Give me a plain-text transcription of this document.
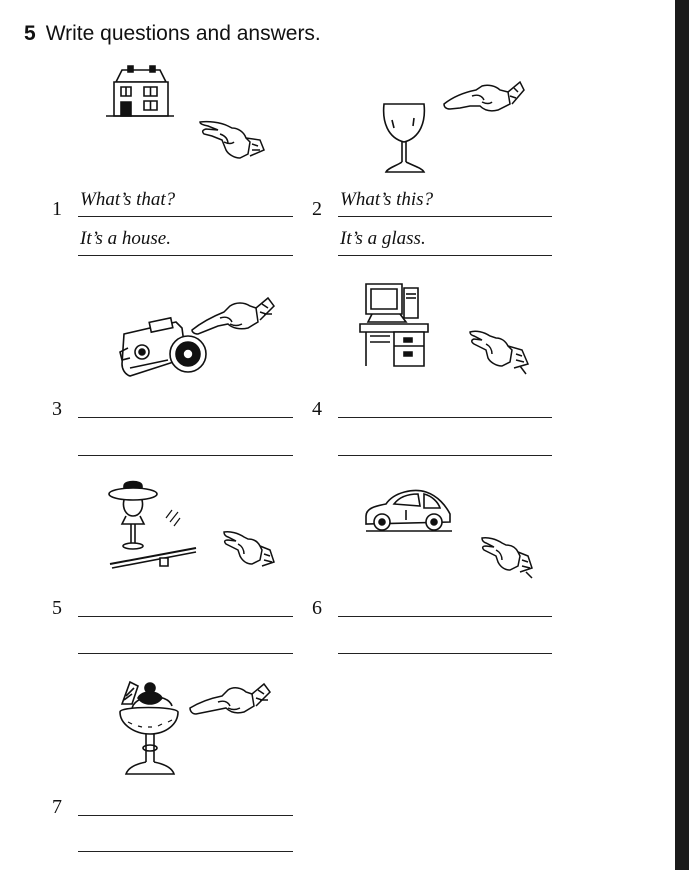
5 Write questions and answers.
1	2
What’s that?
It’s a house.
What’s this?
It’s a glass.
3	4
5	6
7
